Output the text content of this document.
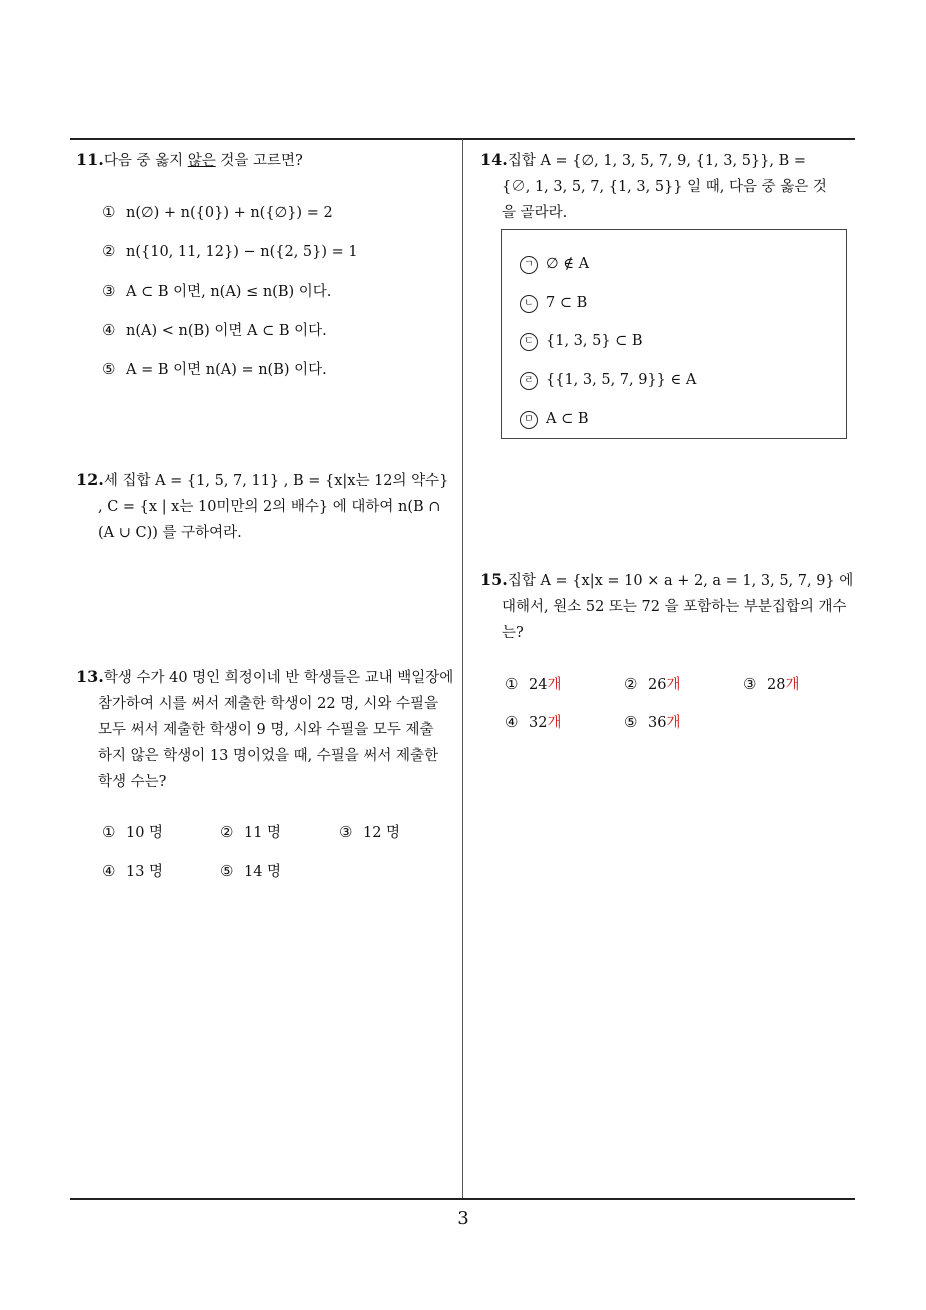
11.다음 중 옳지 않은 것을 고르면?
① n(∅) + n({0}) + n({∅}) = 2
② n({10, 11, 12}) − n({2, 5}) = 1
③ A ⊂ B 이면, n(A) ≤ n(B) 이다.
④ n(A) < n(B) 이면 A ⊂ B 이다.
⑤ A = B 이면 n(A) = n(B) 이다.
12.세 집합 A = {1, 5, 7, 11} , B = {x|x는 12의 약수}
, C = {x | x는 10미만의 2의 배수} 에 대하여 n(B ∩
(A ∪ C)) 를 구하여라.
13.학생 수가 40 명인 희정이네 반 학생들은 교내 백일장에
참가하여 시를 써서 제출한 학생이 22 명, 시와 수필을
모두 써서 제출한 학생이 9 명, 시와 수필을 모두 제출
하지 않은 학생이 13 명이었을 때, 수필을 써서 제출한
학생 수는?
① 10 명	② 11 명	③ 12 명
④ 13 명	⑤ 14 명
14.집합 A = {∅, 1, 3, 5, 7, 9, {1, 3, 5}}, B =
{∅, 1, 3, 5, 7, {1, 3, 5}} 일 때, 다음 중 옳은 것
을 골라라.
ㄱ ∅ ∉ A
ㄴ 7 ⊂ B
ㄷ {1, 3, 5} ⊂ B
ㄹ {{1, 3, 5, 7, 9}} ∈ A
ㅁ A ⊂ B
15.집합 A = {x|x = 10 × a + 2, a = 1, 3, 5, 7, 9} 에
대해서, 원소 52 또는 72 을 포함하는 부분집합의 개수
는?
① 24개	② 26개	③ 28개
④ 32개	⑤ 36개
3
